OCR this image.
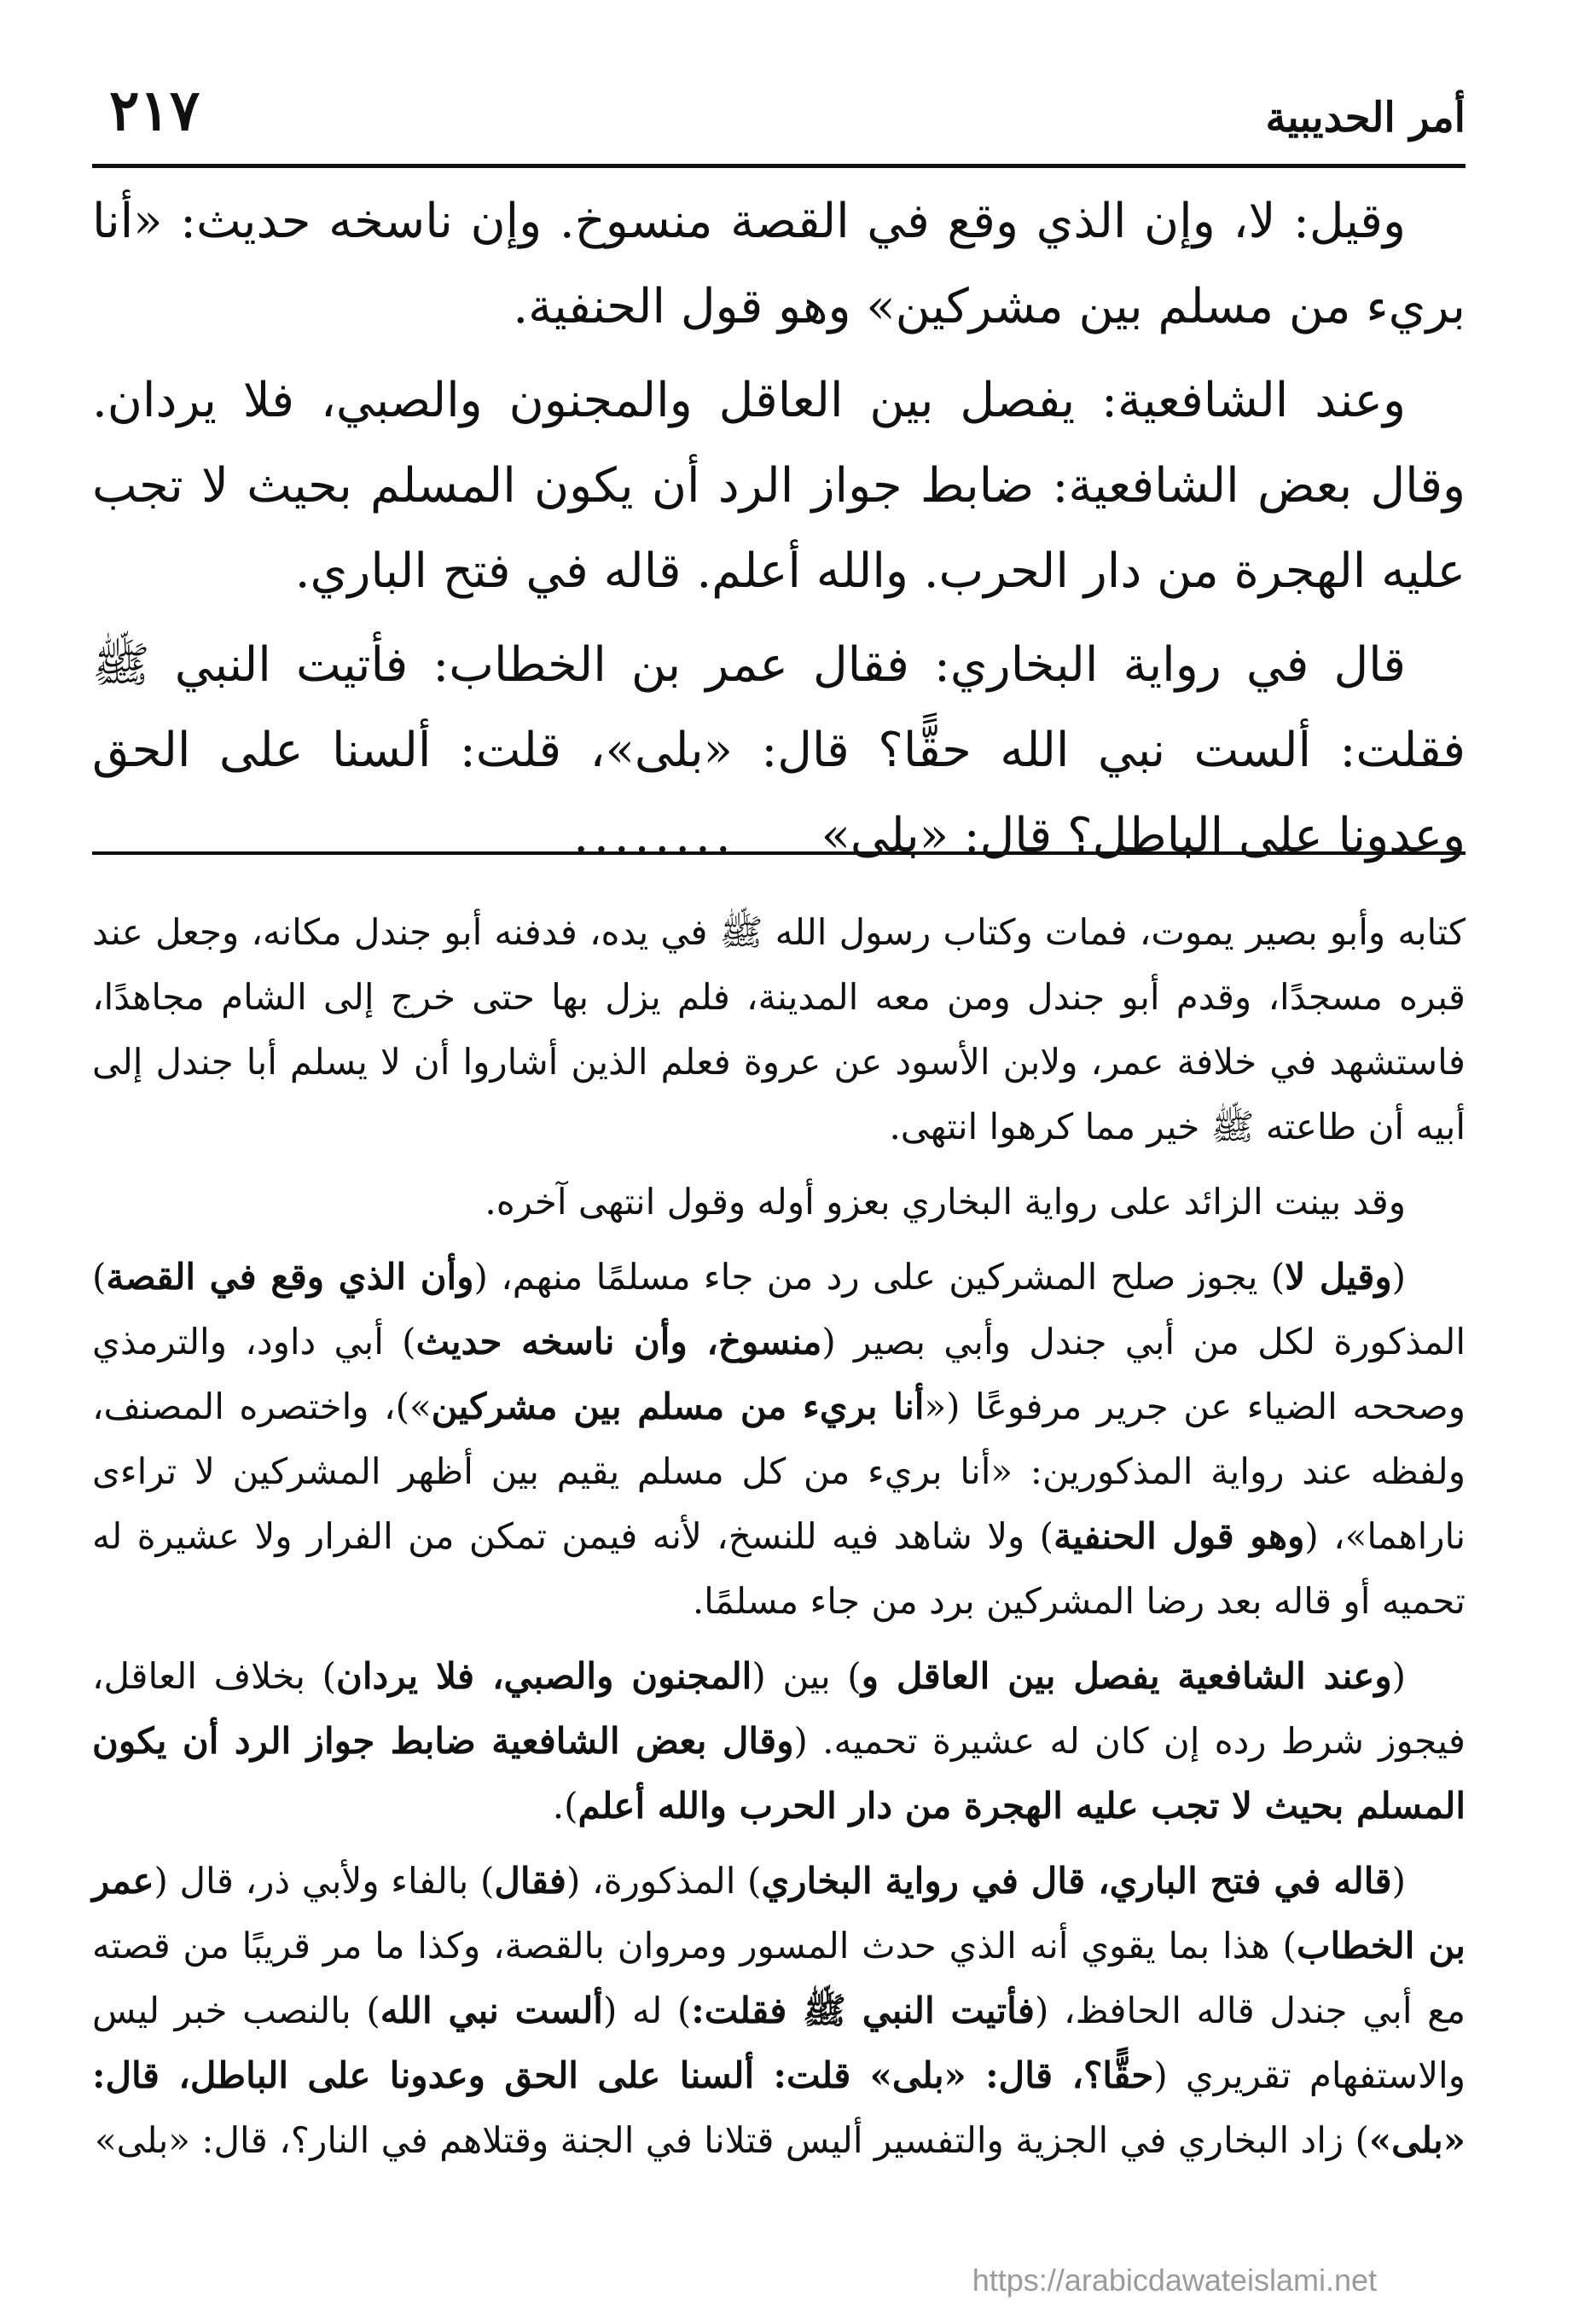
أمر الحديبية
٢١٧

وقيل: لا، وإن الذي وقع في القصة منسوخ. وإن ناسخه حديث: «أنا بريء من مسلم بين مشركين» وهو قول الحنفية.

وعند الشافعية: يفصل بين العاقل والمجنون والصبي، فلا يردان. وقال بعض الشافعية: ضابط جواز الرد أن يكون المسلم بحيث لا تجب عليه الهجرة من دار الحرب. والله أعلم. قاله في فتح الباري.

قال في رواية البخاري: فقال عمر بن الخطاب: فأتيت النبي ﷺ فقلت: ألست نبي الله حقًّا؟ قال: «بلى»، قلت: ألسنا على الحق وعدونا على الباطل؟ قال: «بلى»........

كتابه وأبو بصير يموت، فمات وكتاب رسول الله ﷺ في يده، فدفنه أبو جندل مكانه، وجعل عند قبره مسجدًا، وقدم أبو جندل ومن معه المدينة، فلم يزل بها حتى خرج إلى الشام مجاهدًا، فاستشهد في خلافة عمر، ولابن الأسود عن عروة فعلم الذين أشاروا أن لا يسلم أبا جندل إلى أبيه أن طاعته ﷺ خير مما كرهوا انتهى.

وقد بينت الزائد على رواية البخاري بعزو أوله وقول انتهى آخره.

(وقيل لا) يجوز صلح المشركين على رد من جاء مسلمًا منهم، (وأن الذي وقع في القصة) المذكورة لكل من أبي جندل وأبي بصير (منسوخ، وأن ناسخه حديث) أبي داود، والترمذي وصححه الضياء عن جرير مرفوعًا («أنا بريء من مسلم بين مشركين»)، واختصره المصنف، ولفظه عند رواية المذكورين: «أنا بريء من كل مسلم يقيم بين أظهر المشركين لا تراءى ناراهما»، (وهو قول الحنفية) ولا شاهد فيه للنسخ، لأنه فيمن تمكن من الفرار ولا عشيرة له تحميه أو قاله بعد رضا المشركين برد من جاء مسلمًا.

(وعند الشافعية يفصل بين العاقل و) بين (المجنون والصبي، فلا يردان) بخلاف العاقل، فيجوز شرط رده إن كان له عشيرة تحميه. (وقال بعض الشافعية ضابط جواز الرد أن يكون المسلم بحيث لا تجب عليه الهجرة من دار الحرب والله أعلم).

(قاله في فتح الباري، قال في رواية البخاري) المذكورة، (فقال) بالفاء ولأبي ذر، قال (عمر بن الخطاب) هذا بما يقوي أنه الذي حدث المسور ومروان بالقصة، وكذا ما مر قريبًا من قصته مع أبي جندل قاله الحافظ، (فأتيت النبي ﷺ فقلت:) له (ألست نبي الله) بالنصب خبر ليس والاستفهام تقريري (حقًّا؟، قال: «بلى» قلت: ألسنا على الحق وعدونا على الباطل، قال: «بلى») زاد البخاري في الجزية والتفسير أليس قتلانا في الجنة وقتلاهم في النار؟، قال: «بلى»

https://arabicdawateislami.net
